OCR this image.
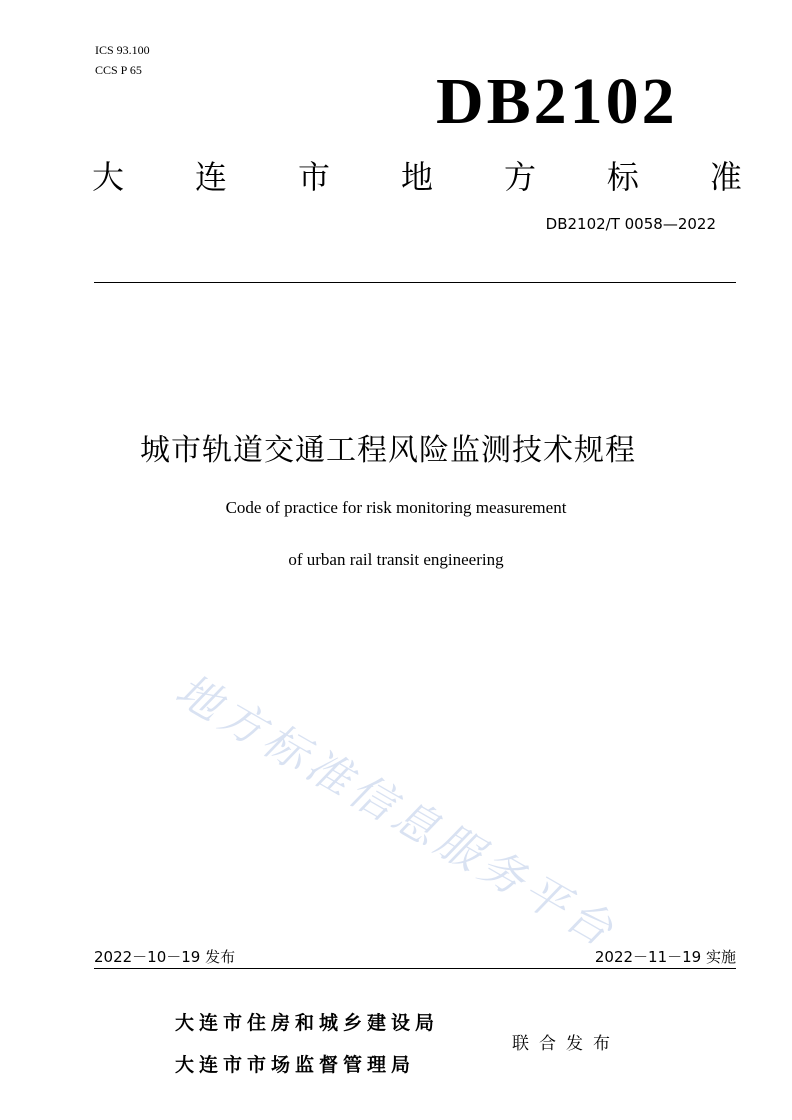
ICS 93.100
CCS P 65	DB2102
大 连 市 地 方 标 准
DB2102/T 0058—2022
城市轨道交通工程风险监测技术规程
Code of practice for risk monitoring measurement
of urban rail transit engineering
地方标准信息服务平台
2022－10－19 发布	2022－11－19 实施
大连市住房和城乡建设局
大连市市场监督管理局
联合发布
